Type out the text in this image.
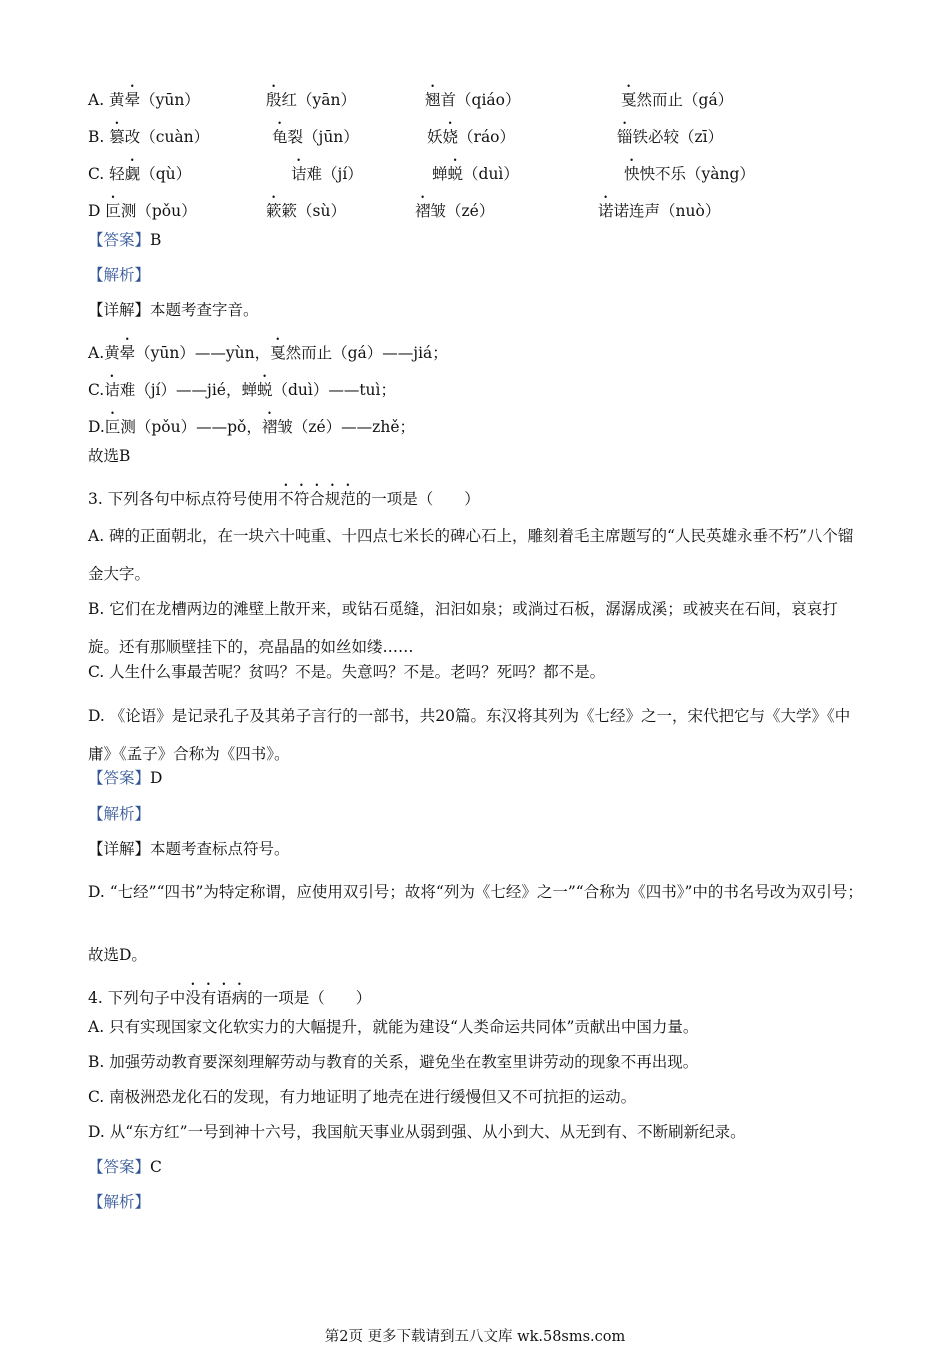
A. 黄晕（yūn）	殷红（yān）	翘首（qiáo）	戛然而止（gá）
B. 篡改（cuàn）	龟裂（jūn）	妖娆（ráo）	锱铁必较（zī）
C. 轻觑（qù）	诘难（jí）	蝉蜕（duì）	怏怏不乐（yàng）
D 叵测（pǒu）	簌簌（sù）	褶皱（zé）	诺诺连声（nuò）
【答案】B
【解析】
【详解】本题考查字音。
A.黄晕（yūn）——yùn，戛然而止（gá）——jiá；
C.诘难（jí）——jié，蝉蜕（duì）——tuì；
D.叵测（pǒu）——pǒ，褶皱（zé）——zhě；
故选B
3. 下列各句中标点符号使用不符合规范的一项是（　　）
A. 碑的正面朝北，在一块六十吨重、十四点七米长的碑心石上，雕刻着毛主席题写的“人民英雄永垂不朽”八个镏金大字。
B. 它们在龙槽两边的滩壁上散开来，或钻石觅缝，汩汩如泉；或淌过石板，潺潺成溪；或被夹在石间，哀哀打旋。还有那顺壁挂下的，亮晶晶的如丝如缕……
C. 人生什么事最苦呢？贫吗？不是。失意吗？不是。老吗？死吗？都不是。
D. 《论语》是记录孔子及其弟子言行的一部书，共20篇。东汉将其列为《七经》之一，宋代把它与《大学》《中庸》《孟子》合称为《四书》。
【答案】D
【解析】
【详解】本题考查标点符号。
D. “七经”“四书”为特定称谓，应使用双引号；故将“列为《七经》之一”“合称为《四书》”中的书名号改为双引号；
故选D。
4. 下列句子中没有语病的一项是（　　）
A. 只有实现国家文化软实力的大幅提升，就能为建设“人类命运共同体”贡献出中国力量。
B. 加强劳动教育要深刻理解劳动与教育的关系，避免坐在教室里讲劳动的现象不再出现。
C. 南极洲恐龙化石的发现，有力地证明了地壳在进行缓慢但又不可抗拒的运动。
D. 从“东方红”一号到神十六号，我国航天事业从弱到强、从小到大、从无到有、不断刷新纪录。
【答案】C
【解析】
第2页 更多下载请到五八文库 wk.58sms.com
